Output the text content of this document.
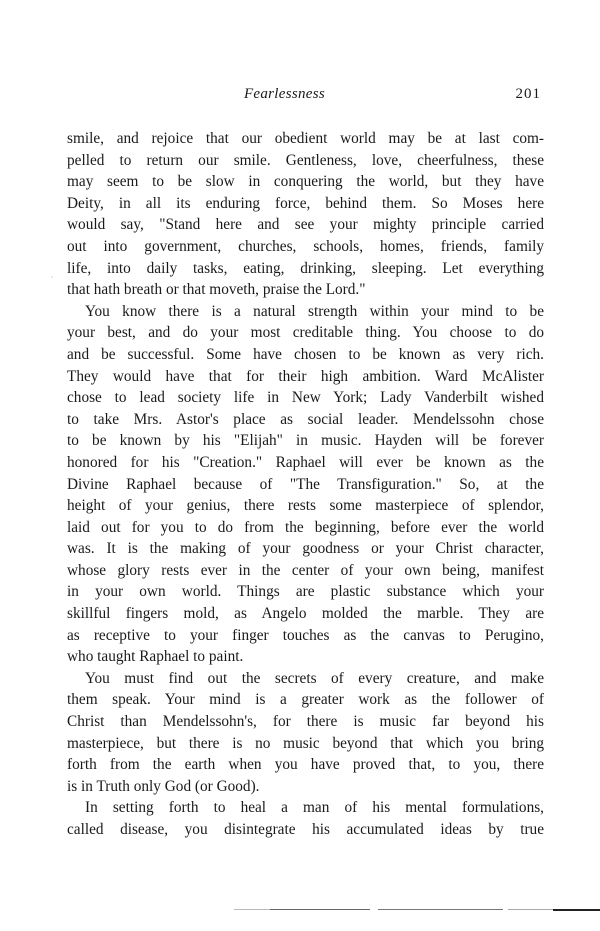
Fearlessness	201
smile, and rejoice that our obedient world may be at last com-
pelled to return our smile. Gentleness, love, cheerfulness, these
may seem to be slow in conquering the world, but they have
Deity, in all its enduring force, behind them. So Moses here
would say, "Stand here and see your mighty principle carried
out into government, churches, schools, homes, friends, family
life, into daily tasks, eating, drinking, sleeping. Let everything
that hath breath or that moveth, praise the Lord."
You know there is a natural strength within your mind to be
your best, and do your most creditable thing. You choose to do
and be successful. Some have chosen to be known as very rich.
They would have that for their high ambition. Ward McAlister
chose to lead society life in New York; Lady Vanderbilt wished
to take Mrs. Astor's place as social leader. Mendelssohn chose
to be known by his "Elijah" in music. Hayden will be forever
honored for his "Creation." Raphael will ever be known as the
Divine Raphael because of "The Transfiguration." So, at the
height of your genius, there rests some masterpiece of splendor,
laid out for you to do from the beginning, before ever the world
was. It is the making of your goodness or your Christ character,
whose glory rests ever in the center of your own being, manifest
in your own world. Things are plastic substance which your
skillful fingers mold, as Angelo molded the marble. They are
as receptive to your finger touches as the canvas to Perugino,
who taught Raphael to paint.
You must find out the secrets of every creature, and make
them speak. Your mind is a greater work as the follower of
Christ than Mendelssohn's, for there is music far beyond his
masterpiece, but there is no music beyond that which you bring
forth from the earth when you have proved that, to you, there
is in Truth only God (or Good).
In setting forth to heal a man of his mental formulations,
called disease, you disintegrate his accumulated ideas by true
